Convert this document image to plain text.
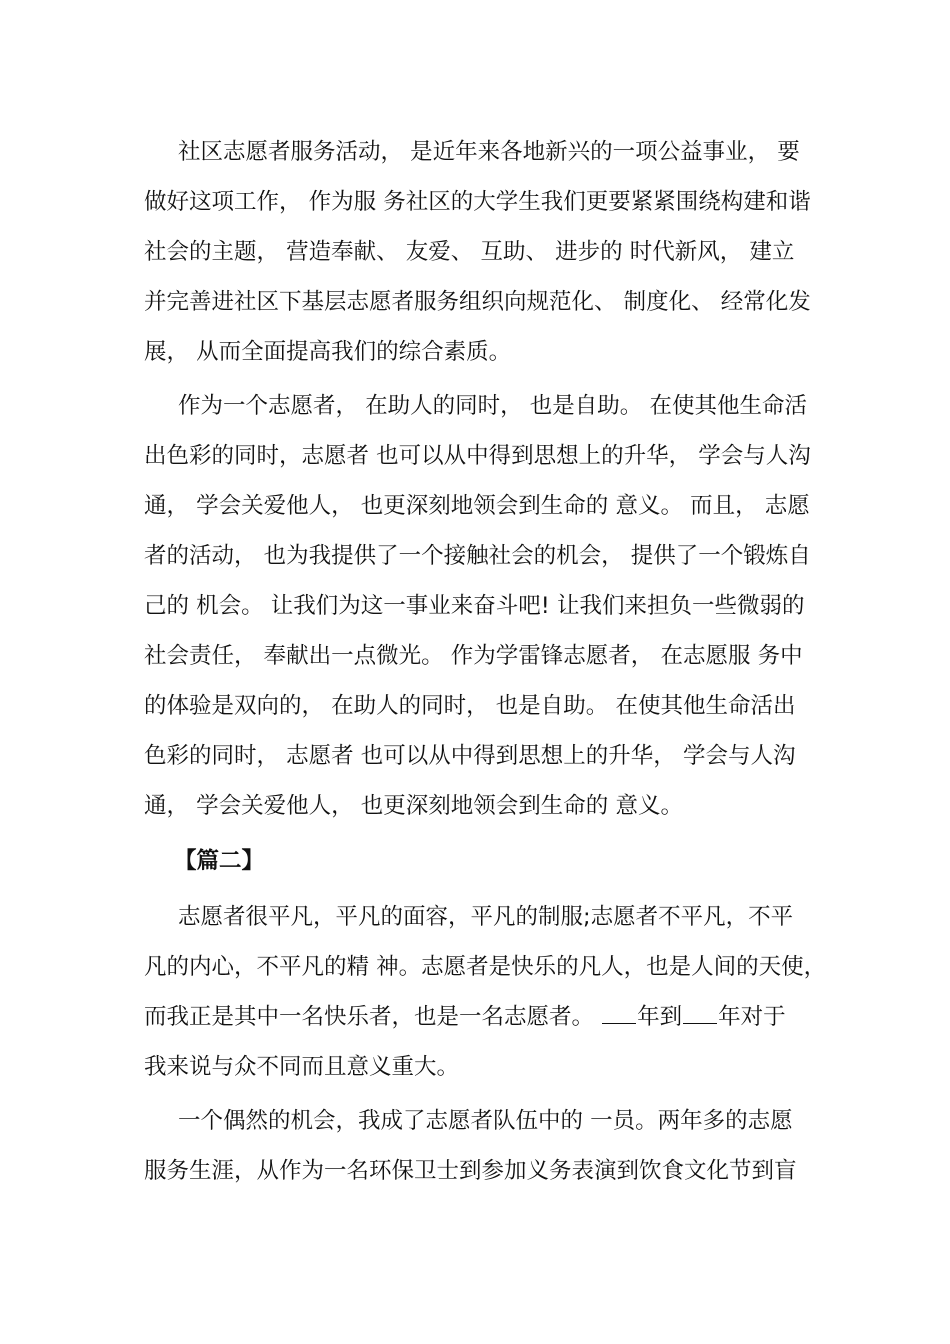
社区志愿者服务活动， 是近年来各地新兴的一项公益事业， 要
做好这项工作， 作为服 务社区的大学生我们更要紧紧围绕构建和谐
社会的主题， 营造奉献、 友爱、 互助、 进步的 时代新风， 建立
并完善进社区下基层志愿者服务组织向规范化、 制度化、 经常化发
展， 从而全面提高我们的综合素质。
作为一个志愿者， 在助人的同时， 也是自助。 在使其他生命活
出色彩的同时，志愿者 也可以从中得到思想上的升华， 学会与人沟
通， 学会关爱他人， 也更深刻地领会到生命的 意义。 而且， 志愿
者的活动， 也为我提供了一个接触社会的机会， 提供了一个锻炼自
己的 机会。 让我们为这一事业来奋斗吧! 让我们来担负一些微弱的
社会责任， 奉献出一点微光。 作为学雷锋志愿者， 在志愿服 务中
的体验是双向的， 在助人的同时， 也是自助。 在使其他生命活出
色彩的同时， 志愿者 也可以从中得到思想上的升华， 学会与人沟
通， 学会关爱他人， 也更深刻地领会到生命的 意义。
【篇二】
志愿者很平凡，平凡的面容，平凡的制服;志愿者不平凡，不平
凡的内心，不平凡的精 神。志愿者是快乐的凡人，也是人间的天使，
而我正是其中一名快乐者，也是一名志愿者。 年到 年对于
我来说与众不同而且意义重大。
一个偶然的机会，我成了志愿者队伍中的 一员。两年多的志愿
服务生涯，从作为一名环保卫士到参加义务表演到饮食文化节到盲
